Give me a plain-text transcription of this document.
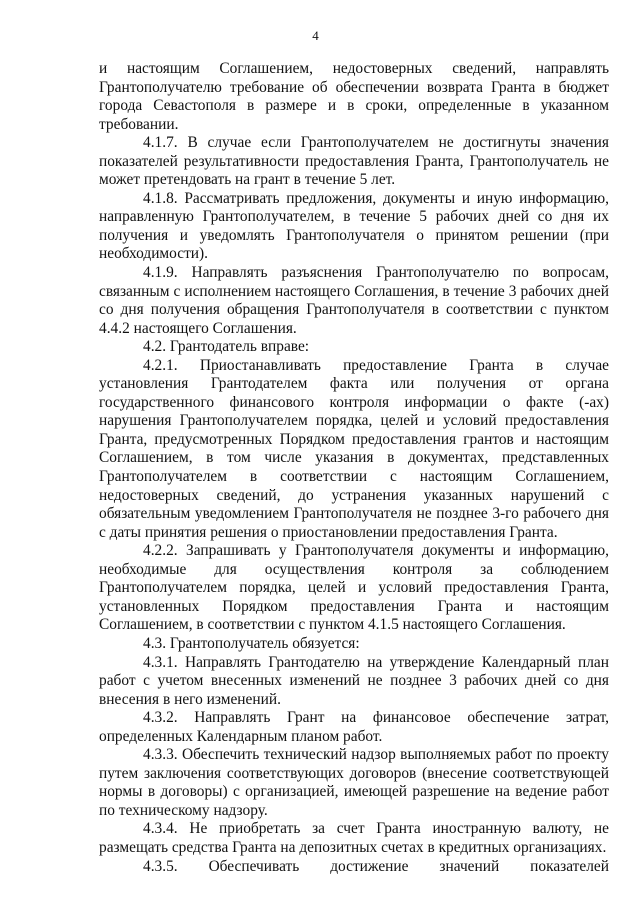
4

и настоящим Соглашением, недостоверных сведений, направлять Грантополучателю требование об обеспечении возврата Гранта в бюджет города Севастополя в размере и в сроки, определенные в указанном требовании.

4.1.7. В случае если Грантополучателем не достигнуты значения показателей результативности предоставления Гранта, Грантополучатель не может претендовать на грант в течение 5 лет.

4.1.8. Рассматривать предложения, документы и иную информацию, направленную Грантополучателем, в течение 5 рабочих дней со дня их получения и уведомлять Грантополучателя о принятом решении (при необходимости).

4.1.9. Направлять разъяснения Грантополучателю по вопросам, связанным с исполнением настоящего Соглашения, в течение 3 рабочих дней со дня получения обращения Грантополучателя в соответствии с пунктом 4.4.2 настоящего Соглашения.

4.2. Грантодатель вправе:

4.2.1. Приостанавливать предоставление Гранта в случае установления Грантодателем факта или получения от органа государственного финансового контроля информации о факте (-ах) нарушения Грантополучателем порядка, целей и условий предоставления Гранта, предусмотренных Порядком предоставления грантов и настоящим Соглашением, в том числе указания в документах, представленных Грантополучателем в соответствии с настоящим Соглашением, недостоверных сведений, до устранения указанных нарушений с обязательным уведомлением Грантополучателя не позднее 3-го рабочего дня с даты принятия решения о приостановлении предоставления Гранта.

4.2.2. Запрашивать у Грантополучателя документы и информацию, необходимые для осуществления контроля за соблюдением Грантополучателем порядка, целей и условий предоставления Гранта, установленных Порядком предоставления Гранта и настоящим Соглашением, в соответствии с пунктом 4.1.5 настоящего Соглашения.

4.3. Грантополучатель обязуется:

4.3.1. Направлять Грантодателю на утверждение Календарный план работ с учетом внесенных изменений не позднее 3 рабочих дней со дня внесения в него изменений.

4.3.2. Направлять Грант на финансовое обеспечение затрат, определенных Календарным планом работ.

4.3.3. Обеспечить технический надзор выполняемых работ по проекту путем заключения соответствующих договоров (внесение соответствующей нормы в договоры) с организацией, имеющей разрешение на ведение работ по техническому надзору.

4.3.4. Не приобретать за счет Гранта иностранную валюту, не размещать средства Гранта на депозитных счетах в кредитных организациях.

4.3.5. Обеспечивать достижение значений показателей
